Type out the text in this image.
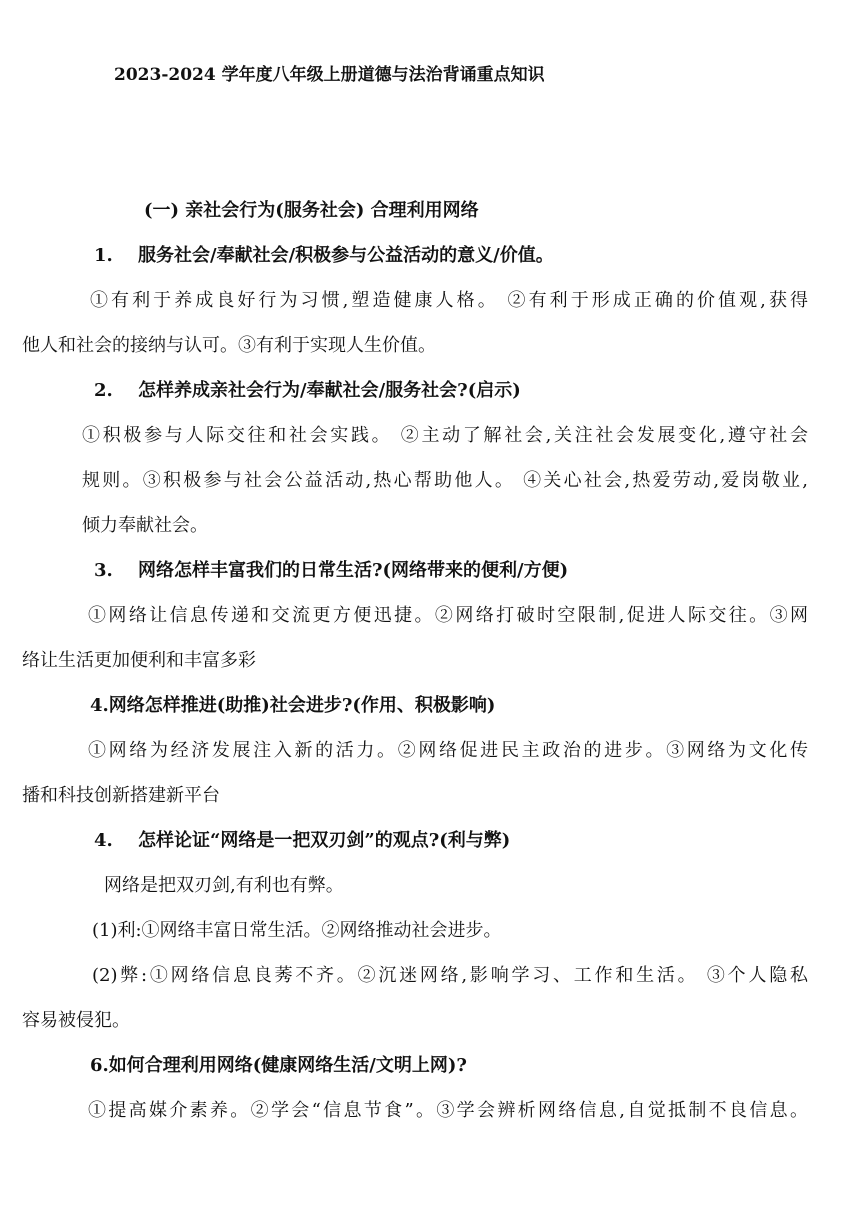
2023-2024 学年度八年级上册道德与法治背诵重点知识
(一) 亲社会行为(服务社会) 合理利用网络
1. 服务社会/奉献社会/积极参与公益活动的意义/价值。
①有利于养成良好行为习惯,塑造健康人格。 ②有利于形成正确的价值观,获得
他人和社会的接纳与认可。③有利于实现人生价值。
2. 怎样养成亲社会行为/奉献社会/服务社会?(启示)
①积极参与人际交往和社会实践。 ②主动了解社会,关注社会发展变化,遵守社会
规则。③积极参与社会公益活动,热心帮助他人。 ④关心社会,热爱劳动,爱岗敬业,
倾力奉献社会。
3. 网络怎样丰富我们的日常生活?(网络带来的便利/方便)
①网络让信息传递和交流更方便迅捷。②网络打破时空限制,促进人际交往。③网
络让生活更加便利和丰富多彩
4.网络怎样推进(助推)社会进步?(作用、积极影响)
①网络为经济发展注入新的活力。②网络促进民主政治的进步。③网络为文化传
播和科技创新搭建新平台
4. 怎样论证“网络是一把双刃剑”的观点?(利与弊)
网络是把双刃剑,有利也有弊。
(1)利:①网络丰富日常生活。②网络推动社会进步。
(2)弊:①网络信息良莠不齐。②沉迷网络,影响学习、工作和生活。 ③个人隐私
容易被侵犯。
6.如何合理利用网络(健康网络生活/文明上网)?
①提高媒介素养。②学会“信息节食”。③学会辨析网络信息,自觉抵制不良信息。
